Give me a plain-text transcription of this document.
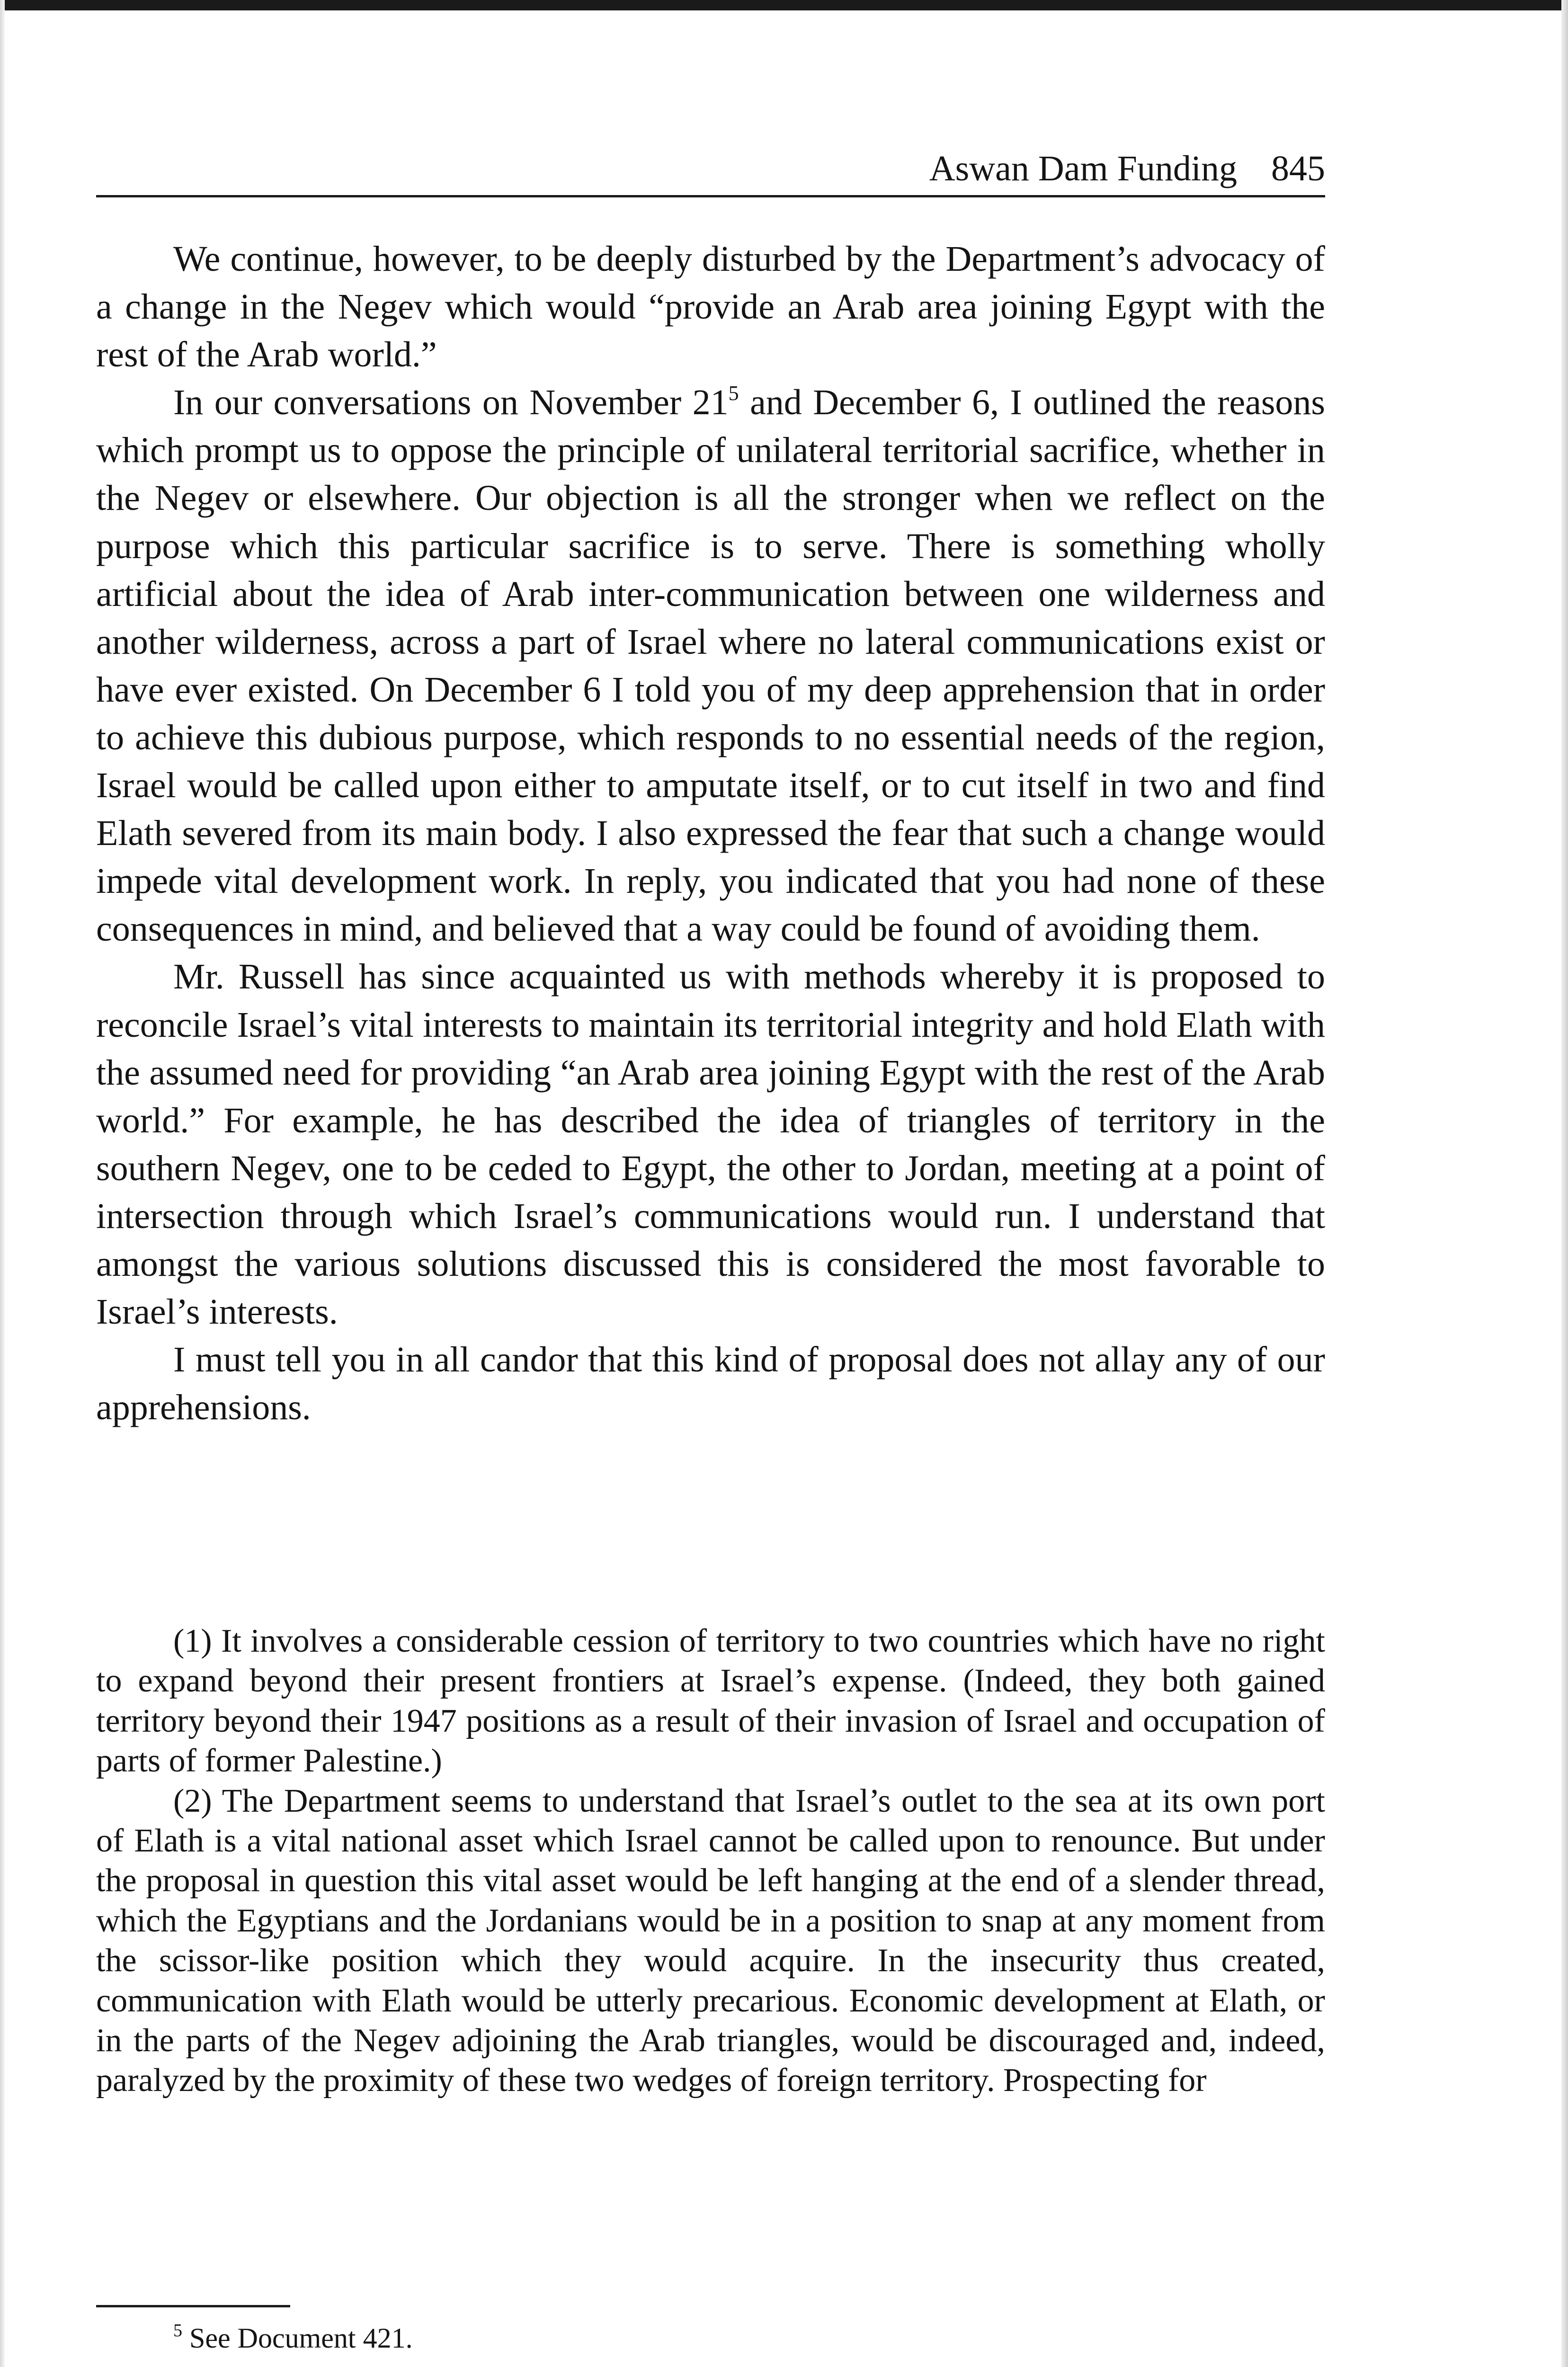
Aswan Dam Funding 845

We continue, however, to be deeply disturbed by the Department’s advocacy of a change in the Negev which would “provide an Arab area joining Egypt with the rest of the Arab world.”

In our conversations on November $21^5$ and December 6, I outlined the reasons which prompt us to oppose the principle of unilateral territorial sacrifice, whether in the Negev or elsewhere. Our objection is all the stronger when we reflect on the purpose which this particular sacrifice is to serve. There is something wholly artificial about the idea of Arab inter-communication between one wilderness and another wilderness, across a part of Israel where no lateral communications exist or have ever existed. On December 6 I told you of my deep apprehension that in order to achieve this dubious purpose, which responds to no essential needs of the region, Israel would be called upon either to amputate itself, or to cut itself in two and find Elath severed from its main body. I also expressed the fear that such a change would impede vital development work. In reply, you indicated that you had none of these consequences in mind, and believed that a way could be found of avoiding them.

Mr. Russell has since acquainted us with methods whereby it is proposed to reconcile Israel’s vital interests to maintain its territorial integrity and hold Elath with the assumed need for providing “an Arab area joining Egypt with the rest of the Arab world.” For example, he has described the idea of triangles of territory in the southern Negev, one to be ceded to Egypt, the other to Jordan, meeting at a point of intersection through which Israel’s communications would run. I understand that amongst the various solutions discussed this is considered the most favorable to Israel’s interests.

I must tell you in all candor that this kind of proposal does not allay any of our apprehensions.

(1) It involves a considerable cession of territory to two countries which have no right to expand beyond their present frontiers at Israel’s expense. (Indeed, they both gained territory beyond their 1947 positions as a result of their invasion of Israel and occupation of parts of former Palestine.)

(2) The Department seems to understand that Israel’s outlet to the sea at its own port of Elath is a vital national asset which Israel cannot be called upon to renounce. But under the proposal in question this vital asset would be left hanging at the end of a slender thread, which the Egyptians and the Jordanians would be in a position to snap at any moment from the scissor-like position which they would acquire. In the insecurity thus created, communication with Elath would be utterly precarious. Economic development at Elath, or in the parts of the Negev adjoining the Arab triangles, would be discouraged and, indeed, paralyzed by the proximity of these two wedges of foreign territory. Prospecting for

$^5$ See Document 421.
